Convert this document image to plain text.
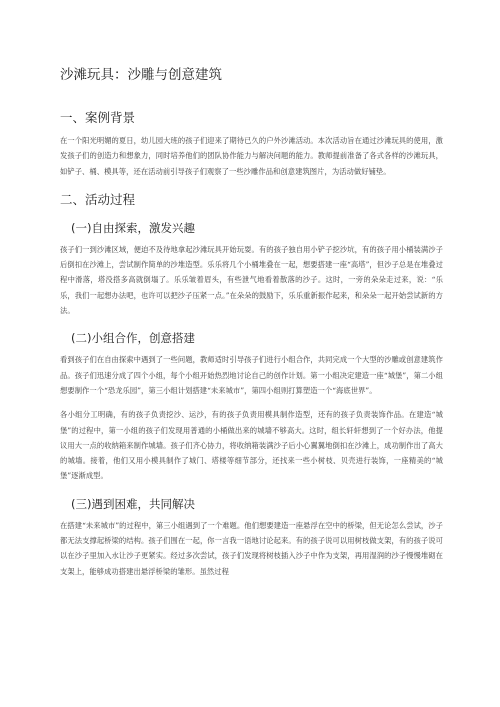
沙滩玩具：沙雕与创意建筑
一、案例背景

在一个阳光明媚的夏日，幼儿园大班的孩子们迎来了期待已久的户外沙滩活动。本次活动旨在通过沙滩玩具的使用，激发孩子们的创造力和想象力，同时培养他们的团队协作能力与解决问题的能力。教师提前准备了各式各样的沙滩玩具，如铲子、桶、模具等，还在活动前引导孩子们观察了一些沙雕作品和创意建筑图片，为活动做好铺垫。

二、活动过程
(一)自由探索，激发兴趣

孩子们一到沙滩区域，便迫不及待地拿起沙滩玩具开始玩耍。有的孩子独自用小铲子挖沙坑，有的孩子用小桶装满沙子后倒扣在沙滩上，尝试制作简单的沙堆造型。乐乐将几个小桶堆叠在一起，想要搭建一座“高塔”，但沙子总是在堆叠过程中滑落，塔没搭多高就倒塌了。乐乐皱着眉头，有些泄气地看着散落的沙子。这时，一旁的朵朵走过来，说：“乐乐，我们一起想办法吧，也许可以把沙子压紧一点。”在朵朵的鼓励下，乐乐重新振作起来，和朵朵一起开始尝试新的方法。

(二)小组合作，创意搭建

看到孩子们在自由探索中遇到了一些问题，教师适时引导孩子们进行小组合作，共同完成一个大型的沙雕或创意建筑作品。孩子们迅速分成了四个小组，每个小组开始热烈地讨论自己的创作计划。第一小组决定建造一座“城堡”，第二小组想要制作一个“恐龙乐园”，第三小组计划搭建“未来城市”，第四小组则打算塑造一个“海底世界”。

各小组分工明确，有的孩子负责挖沙、运沙，有的孩子负责用模具制作造型，还有的孩子负责装饰作品。在建造“城堡”的过程中，第一小组的孩子们发现用普通的小桶做出来的城墙不够高大。这时，组长轩轩想到了一个好办法，他提议用大一点的收纳箱来制作城墙。孩子们齐心协力，将收纳箱装满沙子后小心翼翼地倒扣在沙滩上，成功制作出了高大的城墙。接着，他们又用小模具制作了城门、塔楼等细节部分，还找来一些小树枝、贝壳进行装饰，一座精美的“城堡”逐渐成型。

(三)遇到困难，共同解决

在搭建“未来城市”的过程中，第三小组遇到了一个难题。他们想要建造一座悬浮在空中的桥梁，但无论怎么尝试，沙子都无法支撑起桥梁的结构。孩子们围在一起，你一言我一语地讨论起来。有的孩子说可以用树枝做支架，有的孩子说可以在沙子里加入水让沙子更紧实。经过多次尝试，孩子们发现将树枝插入沙子中作为支架，再用湿润的沙子慢慢堆砌在支架上，能够成功搭建出悬浮桥梁的雏形。虽然过程
